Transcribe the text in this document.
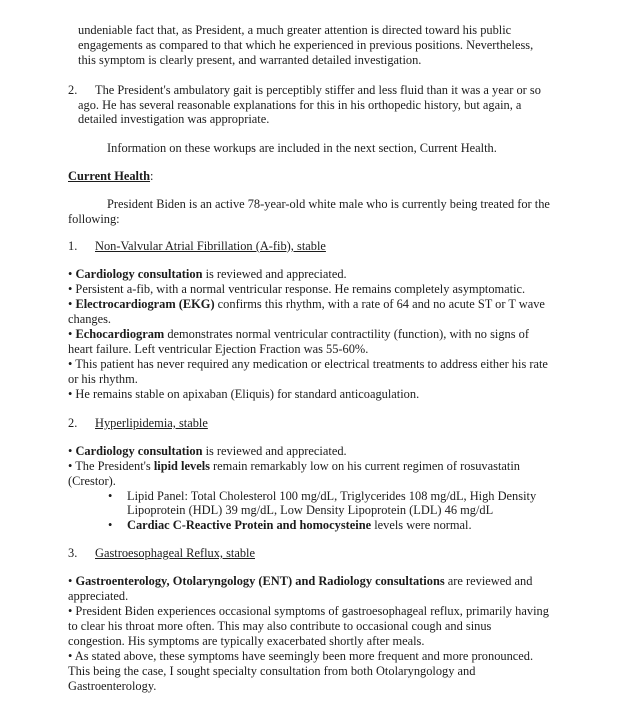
undeniable fact that, as President, a much greater attention is directed toward his public
engagements as compared to that which he experienced in previous positions. Nevertheless,
this symptom is clearly present, and warranted detailed investigation.
2. The President's ambulatory gait is perceptibly stiffer and less fluid than it was a year or so
ago. He has several reasonable explanations for this in his orthopedic history, but again, a
detailed investigation was appropriate.
Information on these workups are included in the next section, Current Health.
Current Health:
President Biden is an active 78-year-old white male who is currently being treated for the
following:
1. Non-Valvular Atrial Fibrillation (A-fib), stable
• Cardiology consultation is reviewed and appreciated.
• Persistent a-fib, with a normal ventricular response. He remains completely asymptomatic.
• Electrocardiogram (EKG) confirms this rhythm, with a rate of 64 and no acute ST or T wave
changes.
• Echocardiogram demonstrates normal ventricular contractility (function), with no signs of
heart failure. Left ventricular Ejection Fraction was 55-60%.
• This patient has never required any medication or electrical treatments to address either his rate
or his rhythm.
• He remains stable on apixaban (Eliquis) for standard anticoagulation.
2. Hyperlipidemia, stable
• Cardiology consultation is reviewed and appreciated.
• The President's lipid levels remain remarkably low on his current regimen of rosuvastatin
(Crestor).
• Lipid Panel: Total Cholesterol 100 mg/dL, Triglycerides 108 mg/dL, High Density
Lipoprotein (HDL) 39 mg/dL, Low Density Lipoprotein (LDL) 46 mg/dL
• Cardiac C-Reactive Protein and homocysteine levels were normal.
3. Gastroesophageal Reflux, stable
• Gastroenterology, Otolaryngology (ENT) and Radiology consultations are reviewed and
appreciated.
• President Biden experiences occasional symptoms of gastroesophageal reflux, primarily having
to clear his throat more often. This may also contribute to occasional cough and sinus
congestion. His symptoms are typically exacerbated shortly after meals.
• As stated above, these symptoms have seemingly been more frequent and more pronounced.
This being the case, I sought specialty consultation from both Otolaryngology and
Gastroenterology.
